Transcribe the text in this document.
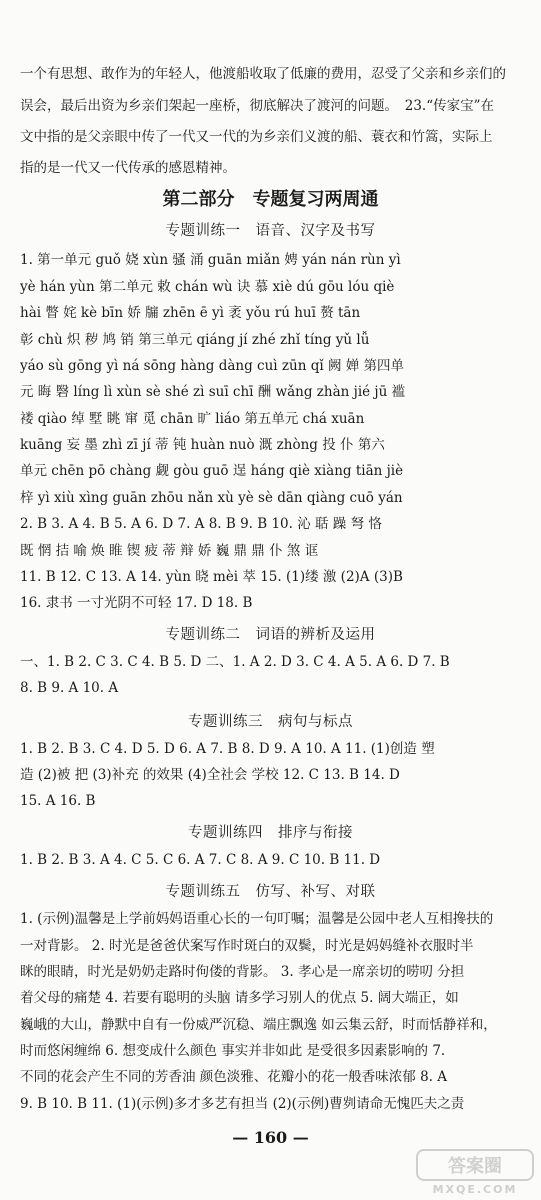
一个有思想、敢作为的年轻人，他渡船收取了低廉的费用，忍受了父亲和乡亲们的
误会，最后出资为乡亲们架起一座桥，彻底解决了渡河的问题。　23.“传家宝”在
文中指的是父亲眼中传了一代又一代的为乡亲们义渡的船、蓑衣和竹篙，实际上
指的是一代又一代传承的感恩精神。
第二部分　专题复习两周通
专题训练一　语音、汉字及书写
1. 第一单元 guǒ 娆 xùn 骚 涌 guān miǎn 娉 yán nán rùn yì
yè hán yùn 第二单元 敕 chán wù 诀 慕 xiè dú gōu lóu qiè
hài 瞥 姹 kè bīn 娇 牖 zhēn ē yì 袤 yǒu rú huī 赘 tān
彰 chù 炽 秽 鸠 销 第三单元 qiáng jí zhé zhǐ tíng yǔ lǚ
yáo sù gōng yì ná sōng hàng dàng cuì zūn qǐ 阙 婵 第四单
元 晦 䃜 líng lì xùn sè shé zì suī chī 酬 wǎng zhàn jié jū 褴
褛 qiào 绰 墅 眺 窜 觅 chān 旷 liáo 第五单元 chá xuān
kuāng 妄 墨 zhì zī jí 蒂 钝 huàn nuò 溉 zhòng 投 仆 第六
单元 chēn pō chàng 觑 gòu guō 逞 háng qiè xiàng tiān jiè
梓 yì xiù xìng guān zhōu nǎn xù yè sè dān qiàng cuō yán
2. B 3. A 4. B 5. A 6. D 7. A 8. B 9. B 10. 沁 聒 躁 弩 恪
既 惘 拮 喻 焕 睢 锲 疲 蒂 辩 娇 巍 鼎 鼎 仆 煞 诓
11. B 12. C 13. A 14. yùn 晓 mèi 萃 15. (1)缕 激 (2)A (3)B
16. 隶书 一寸光阴不可轻 17. D 18. B
专题训练二　词语的辨析及运用
一、1. B 2. C 3. C 4. B 5. D 二、1. A 2. D 3. C 4. A 5. A 6. D 7. B
8. B 9. A 10. A
专题训练三　病句与标点
1. B 2. B 3. C 4. D 5. D 6. A 7. B 8. D 9. A 10. A 11. (1)创造 塑
造 (2)被 把 (3)补充 的效果 (4)全社会 学校 12. C 13. B 14. D
15. A 16. B
专题训练四　排序与衔接
1. B 2. B 3. A 4. C 5. C 6. A 7. C 8. A 9. C 10. B 11. D
专题训练五　仿写、补写、对联
1. (示例)温馨是上学前妈妈语重心长的一句叮嘱；温馨是公园中老人互相搀扶的
一对背影。 2. 时光是爸爸伏案写作时斑白的双鬓，时光是妈妈缝补衣服时半
眯的眼睛，时光是奶奶走路时佝偻的背影。 3. 孝心是一席亲切的唠叨 分担
着父母的痛楚 4. 若要有聪明的头脑 请多学习别人的优点 5. 阔大端正，如
巍峨的大山，静默中自有一份威严沉稳、端庄飘逸 如云集云舒，时而恬静祥和，
时而悠闲缠绵 6. 想变成什么颜色 事实并非如此 是受很多因素影响的 7.
不同的花会产生不同的芳香油 颜色淡雅、花瓣小的花一般香味浓郁 8. A
9. B 10. B 11. (1)(示例)多才多艺有担当 (2)(示例)曹刿请命无愧匹夫之责
— 160 —
答案圈
MXQE.COM
